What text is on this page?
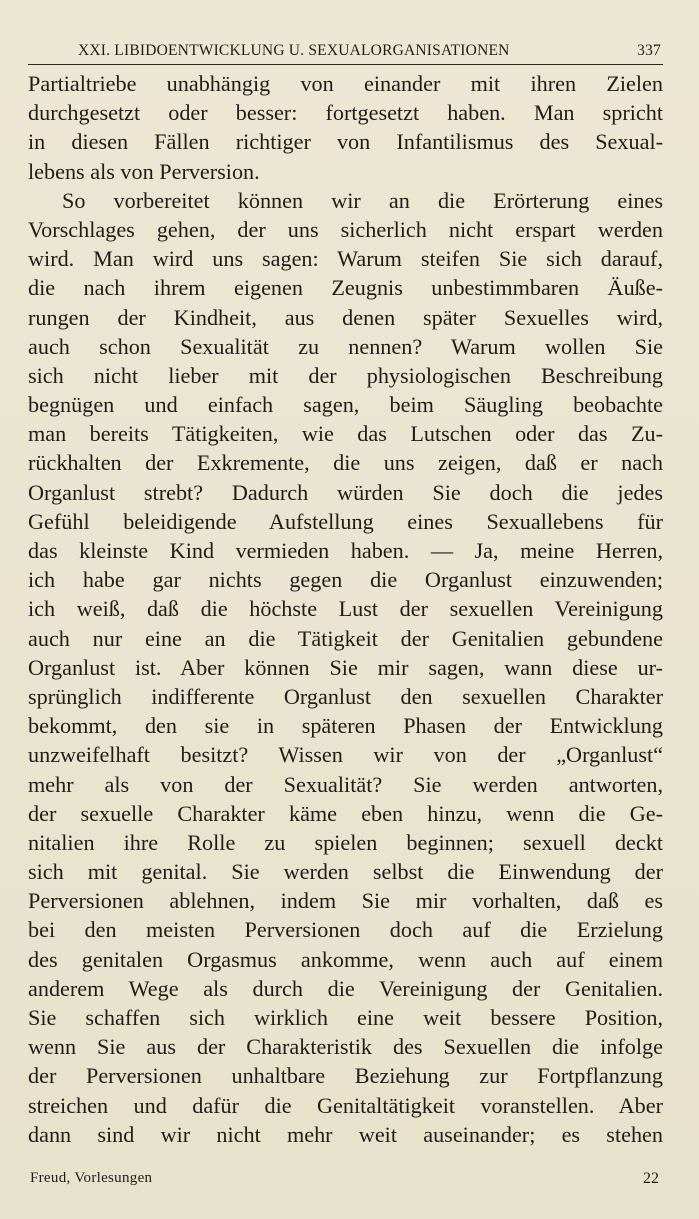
XXI. LIBIDOENTWICKLUNG U. SEXUALORGANISATIONEN	337
Partialtriebe unabhängig von einander mit ihren Zielen
durchgesetzt oder besser: fortgesetzt haben. Man spricht
in diesen Fällen richtiger von Infantilismus des Sexual-
lebens als von Perversion.
So vorbereitet können wir an die Erörterung eines
Vorschlages gehen, der uns sicherlich nicht erspart werden
wird. Man wird uns sagen: Warum steifen Sie sich darauf,
die nach ihrem eigenen Zeugnis unbestimmbaren Äuße-
rungen der Kindheit, aus denen später Sexuelles wird,
auch schon Sexualität zu nennen? Warum wollen Sie
sich nicht lieber mit der physiologischen Beschreibung
begnügen und einfach sagen, beim Säugling beobachte
man bereits Tätigkeiten, wie das Lutschen oder das Zu-
rückhalten der Exkremente, die uns zeigen, daß er nach
Organlust strebt? Dadurch würden Sie doch die jedes
Gefühl beleidigende Aufstellung eines Sexuallebens für
das kleinste Kind vermieden haben. — Ja, meine Herren,
ich habe gar nichts gegen die Organlust einzuwenden;
ich weiß, daß die höchste Lust der sexuellen Vereinigung
auch nur eine an die Tätigkeit der Genitalien gebundene
Organlust ist. Aber können Sie mir sagen, wann diese ur-
sprünglich indifferente Organlust den sexuellen Charakter
bekommt, den sie in späteren Phasen der Entwicklung
unzweifelhaft besitzt? Wissen wir von der „Organlust“
mehr als von der Sexualität? Sie werden antworten,
der sexuelle Charakter käme eben hinzu, wenn die Ge-
nitalien ihre Rolle zu spielen beginnen; sexuell deckt
sich mit genital. Sie werden selbst die Einwendung der
Perversionen ablehnen, indem Sie mir vorhalten, daß es
bei den meisten Perversionen doch auf die Erzielung
des genitalen Orgasmus ankomme, wenn auch auf einem
anderem Wege als durch die Vereinigung der Genitalien.
Sie schaffen sich wirklich eine weit bessere Position,
wenn Sie aus der Charakteristik des Sexuellen die infolge
der Perversionen unhaltbare Beziehung zur Fortpflanzung
streichen und dafür die Genitaltätigkeit voranstellen. Aber
dann sind wir nicht mehr weit auseinander; es stehen
Freud, Vorlesungen	22
